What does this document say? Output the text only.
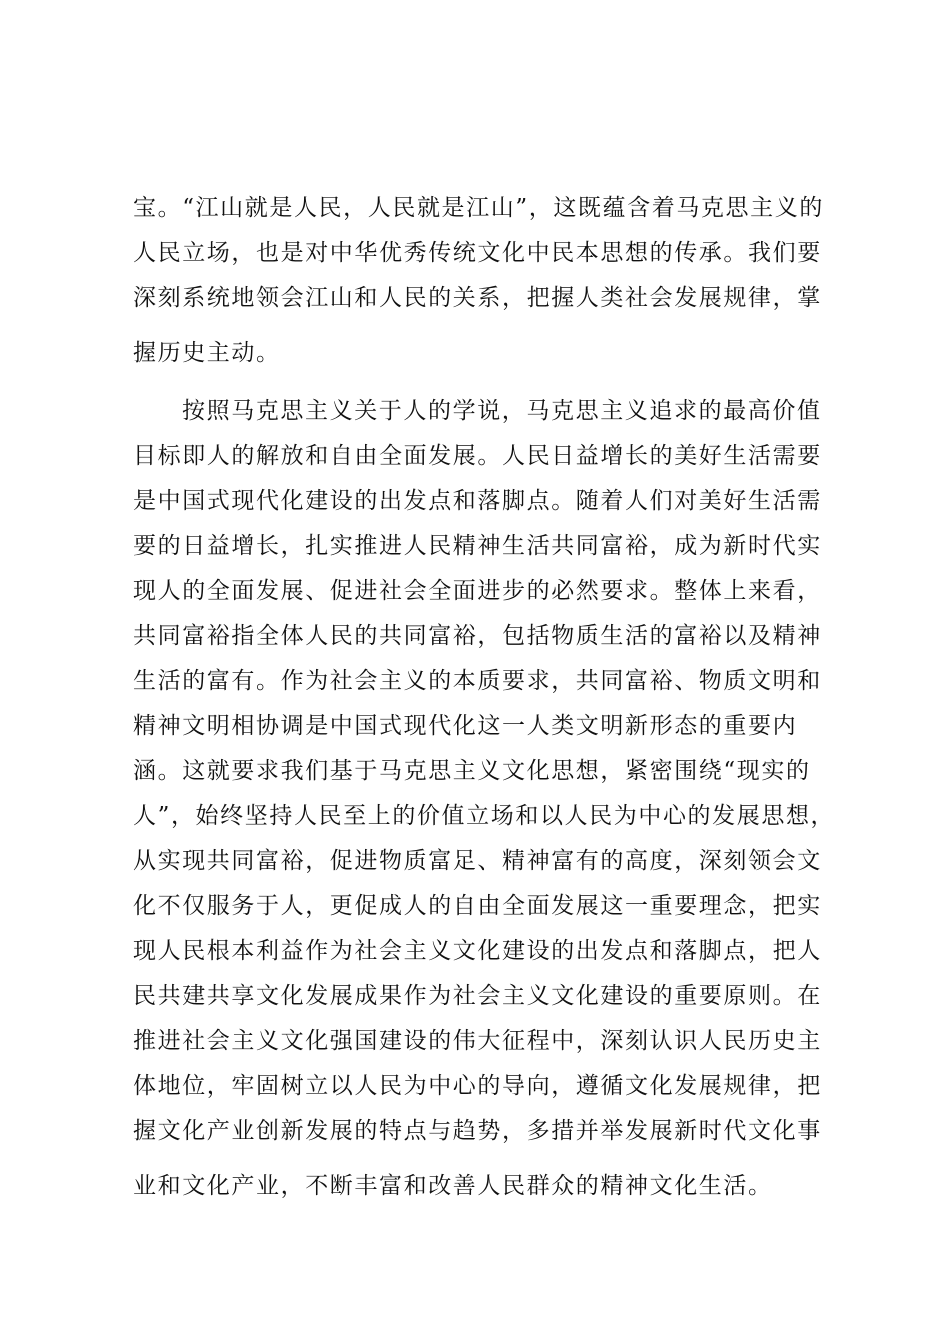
宝。“江山就是人民，人民就是江山”，这既蕴含着马克思主义的
人民立场，也是对中华优秀传统文化中民本思想的传承。我们要
深刻系统地领会江山和人民的关系，把握人类社会发展规律，掌
握历史主动。
按照马克思主义关于人的学说，马克思主义追求的最高价值
目标即人的解放和自由全面发展。人民日益增长的美好生活需要
是中国式现代化建设的出发点和落脚点。随着人们对美好生活需
要的日益增长，扎实推进人民精神生活共同富裕，成为新时代实
现人的全面发展、促进社会全面进步的必然要求。整体上来看，
共同富裕指全体人民的共同富裕，包括物质生活的富裕以及精神
生活的富有。作为社会主义的本质要求，共同富裕、物质文明和
精神文明相协调是中国式现代化这一人类文明新形态的重要内
涵。这就要求我们基于马克思主义文化思想，紧密围绕“现实的
人”，始终坚持人民至上的价值立场和以人民为中心的发展思想，
从实现共同富裕，促进物质富足、精神富有的高度，深刻领会文
化不仅服务于人，更促成人的自由全面发展这一重要理念，把实
现人民根本利益作为社会主义文化建设的出发点和落脚点，把人
民共建共享文化发展成果作为社会主义文化建设的重要原则。在
推进社会主义文化强国建设的伟大征程中，深刻认识人民历史主
体地位，牢固树立以人民为中心的导向，遵循文化发展规律，把
握文化产业创新发展的特点与趋势，多措并举发展新时代文化事
业和文化产业，不断丰富和改善人民群众的精神文化生活。
